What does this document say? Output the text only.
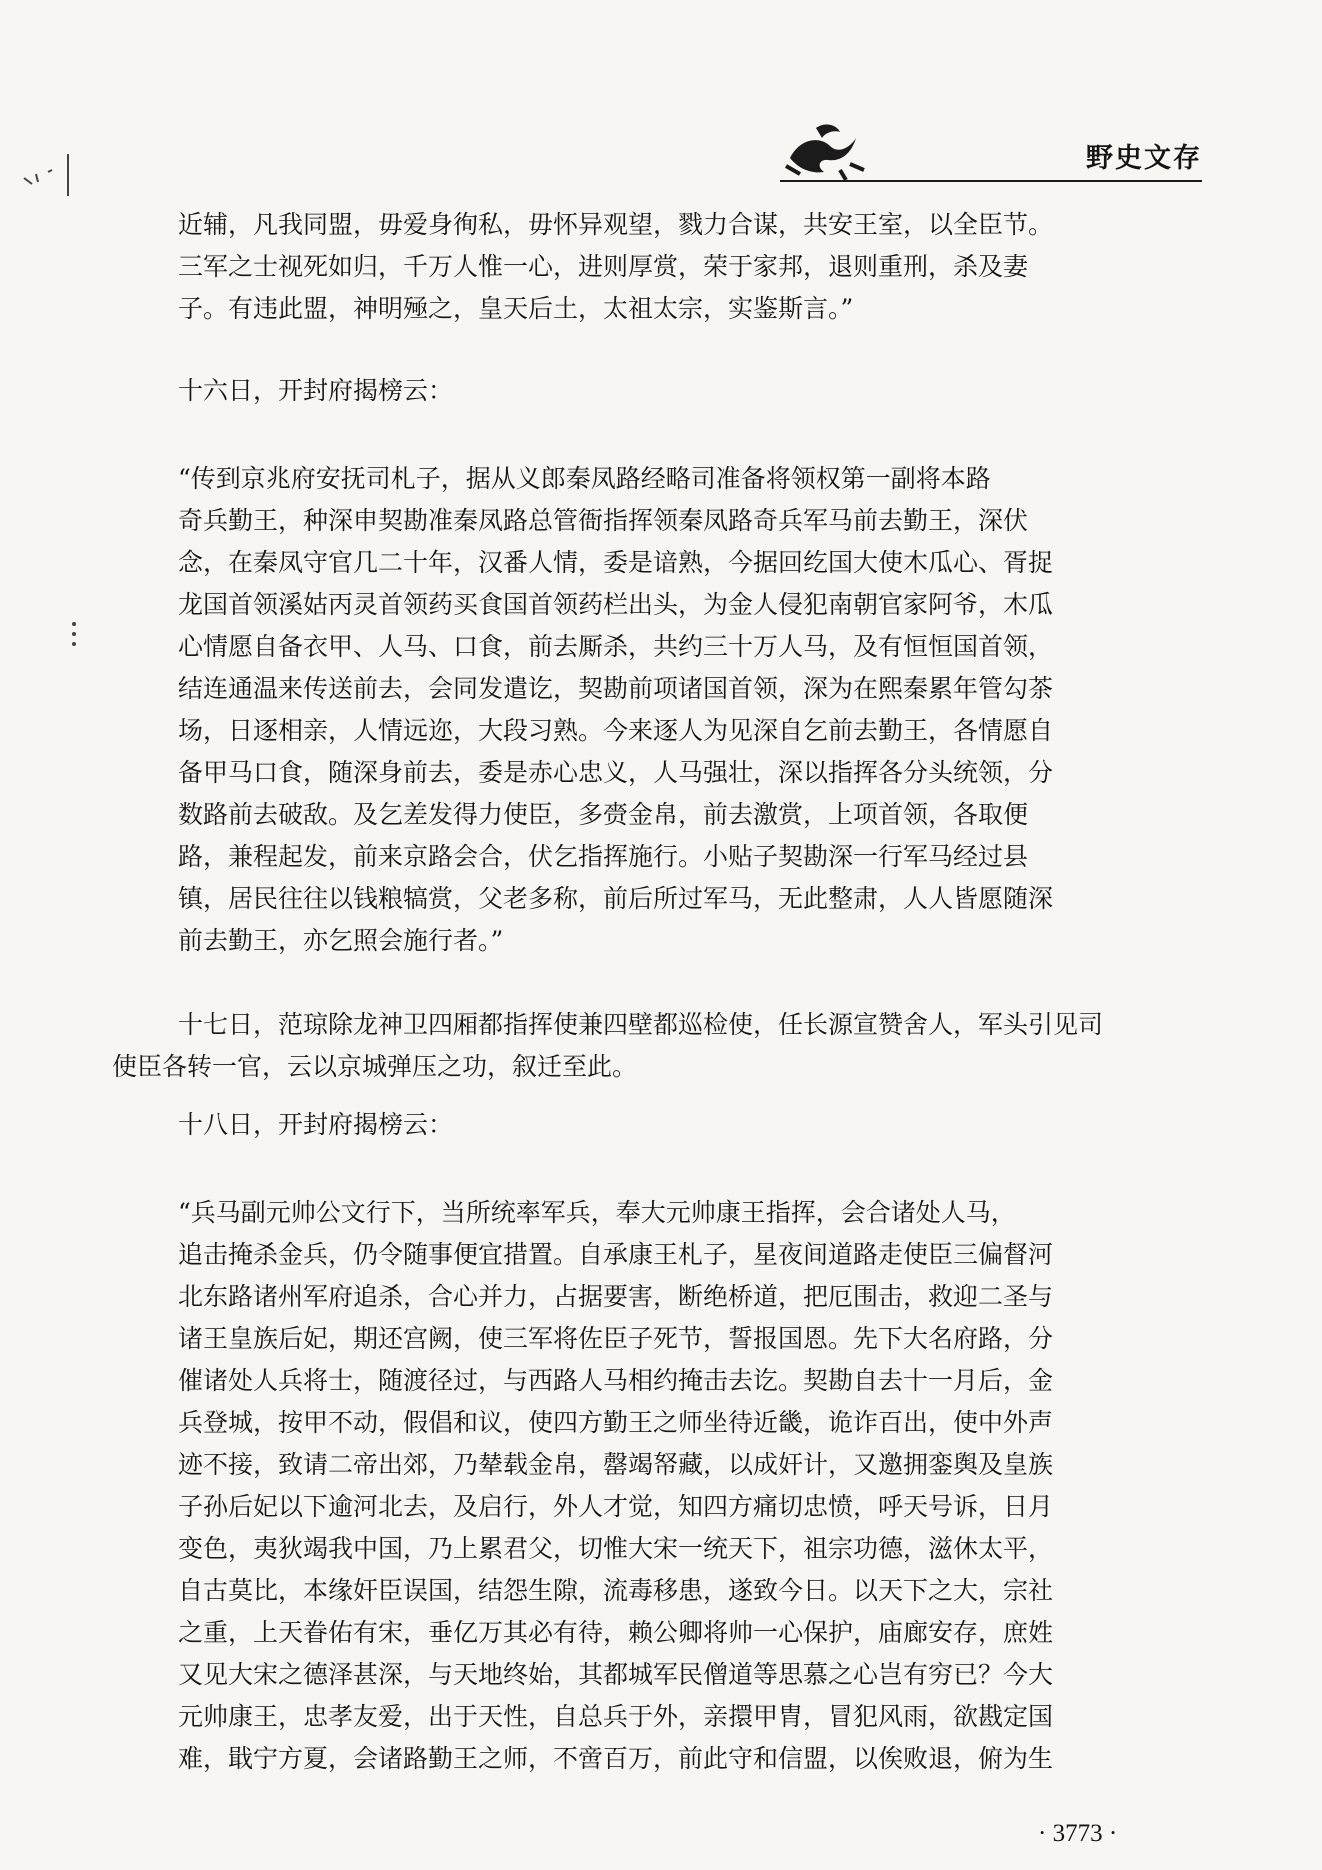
野史文存
近辅，凡我同盟，毋爱身徇私，毋怀异观望，戮力合谋，共安王室，以全臣节。
三军之士视死如归，千万人惟一心，进则厚赏，荣于家邦，退则重刑，杀及妻
子。有违此盟，神明殛之，皇天后土，太祖太宗，实鉴斯言。”
十六日，开封府揭榜云：
“传到京兆府安抚司札子，据从义郎秦凤路经略司准备将领权第一副将本路
奇兵勤王，种深申契勘准秦凤路总管衙指挥领秦凤路奇兵军马前去勤王，深伏
念，在秦凤守官几二十年，汉番人情，委是谙熟，今据回纥国大使木瓜心、胥捉
龙国首领溪姑丙灵首领药买食国首领药栏出头，为金人侵犯南朝官家阿爷，木瓜
心情愿自备衣甲、人马、口食，前去厮杀，共约三十万人马，及有恒恒国首领，
结连通温来传送前去，会同发遣讫，契勘前项诸国首领，深为在熙秦累年管勾茶
场，日逐相亲，人情远迩，大段习熟。今来逐人为见深自乞前去勤王，各情愿自
备甲马口食，随深身前去，委是赤心忠义，人马强壮，深以指挥各分头统领，分
数路前去破敌。及乞差发得力使臣，多赍金帛，前去激赏，上项首领，各取便
路，兼程起发，前来京路会合，伏乞指挥施行。小贴子契勘深一行军马经过县
镇，居民往往以钱粮犒赏，父老多称，前后所过军马，无此整肃，人人皆愿随深
前去勤王，亦乞照会施行者。”
十七日，范琼除龙神卫四厢都指挥使兼四壁都巡检使，任长源宣赞舍人，军头引见司
使臣各转一官，云以京城弹压之功，叙迁至此。
十八日，开封府揭榜云：
“兵马副元帅公文行下，当所统率军兵，奉大元帅康王指挥，会合诸处人马，
追击掩杀金兵，仍令随事便宜措置。自承康王札子，星夜间道路走使臣三偏督河
北东路诸州军府追杀，合心并力，占据要害，断绝桥道，把厄围击，救迎二圣与
诸王皇族后妃，期还宫阙，使三军将佐臣子死节，誓报国恩。先下大名府路，分
催诸处人兵将士，随渡径过，与西路人马相约掩击去讫。契勘自去十一月后，金
兵登城，按甲不动，假倡和议，使四方勤王之师坐待近畿，诡诈百出，使中外声
迹不接，致请二帝出郊，乃辇载金帛，罄竭帑藏，以成奸计，又邀拥銮舆及皇族
子孙后妃以下逾河北去，及启行，外人才觉，知四方痛切忠愤，呼天号诉，日月
变色，夷狄竭我中国，乃上累君父，切惟大宋一统天下，祖宗功德，滋休太平，
自古莫比，本缘奸臣误国，结怨生隙，流毒移患，遂致今日。以天下之大，宗社
之重，上天眷佑有宋，垂亿万其必有待，赖公卿将帅一心保护，庙廊安存，庶姓
又见大宋之德泽甚深，与天地终始，其都城军民僧道等思慕之心岂有穷已？今大
元帅康王，忠孝友爱，出于天性，自总兵于外，亲擐甲胄，冒犯风雨，欲戡定国
难，戢宁方夏，会诸路勤王之师，不啻百万，前此守和信盟，以俟败退，俯为生
· 3773 ·
